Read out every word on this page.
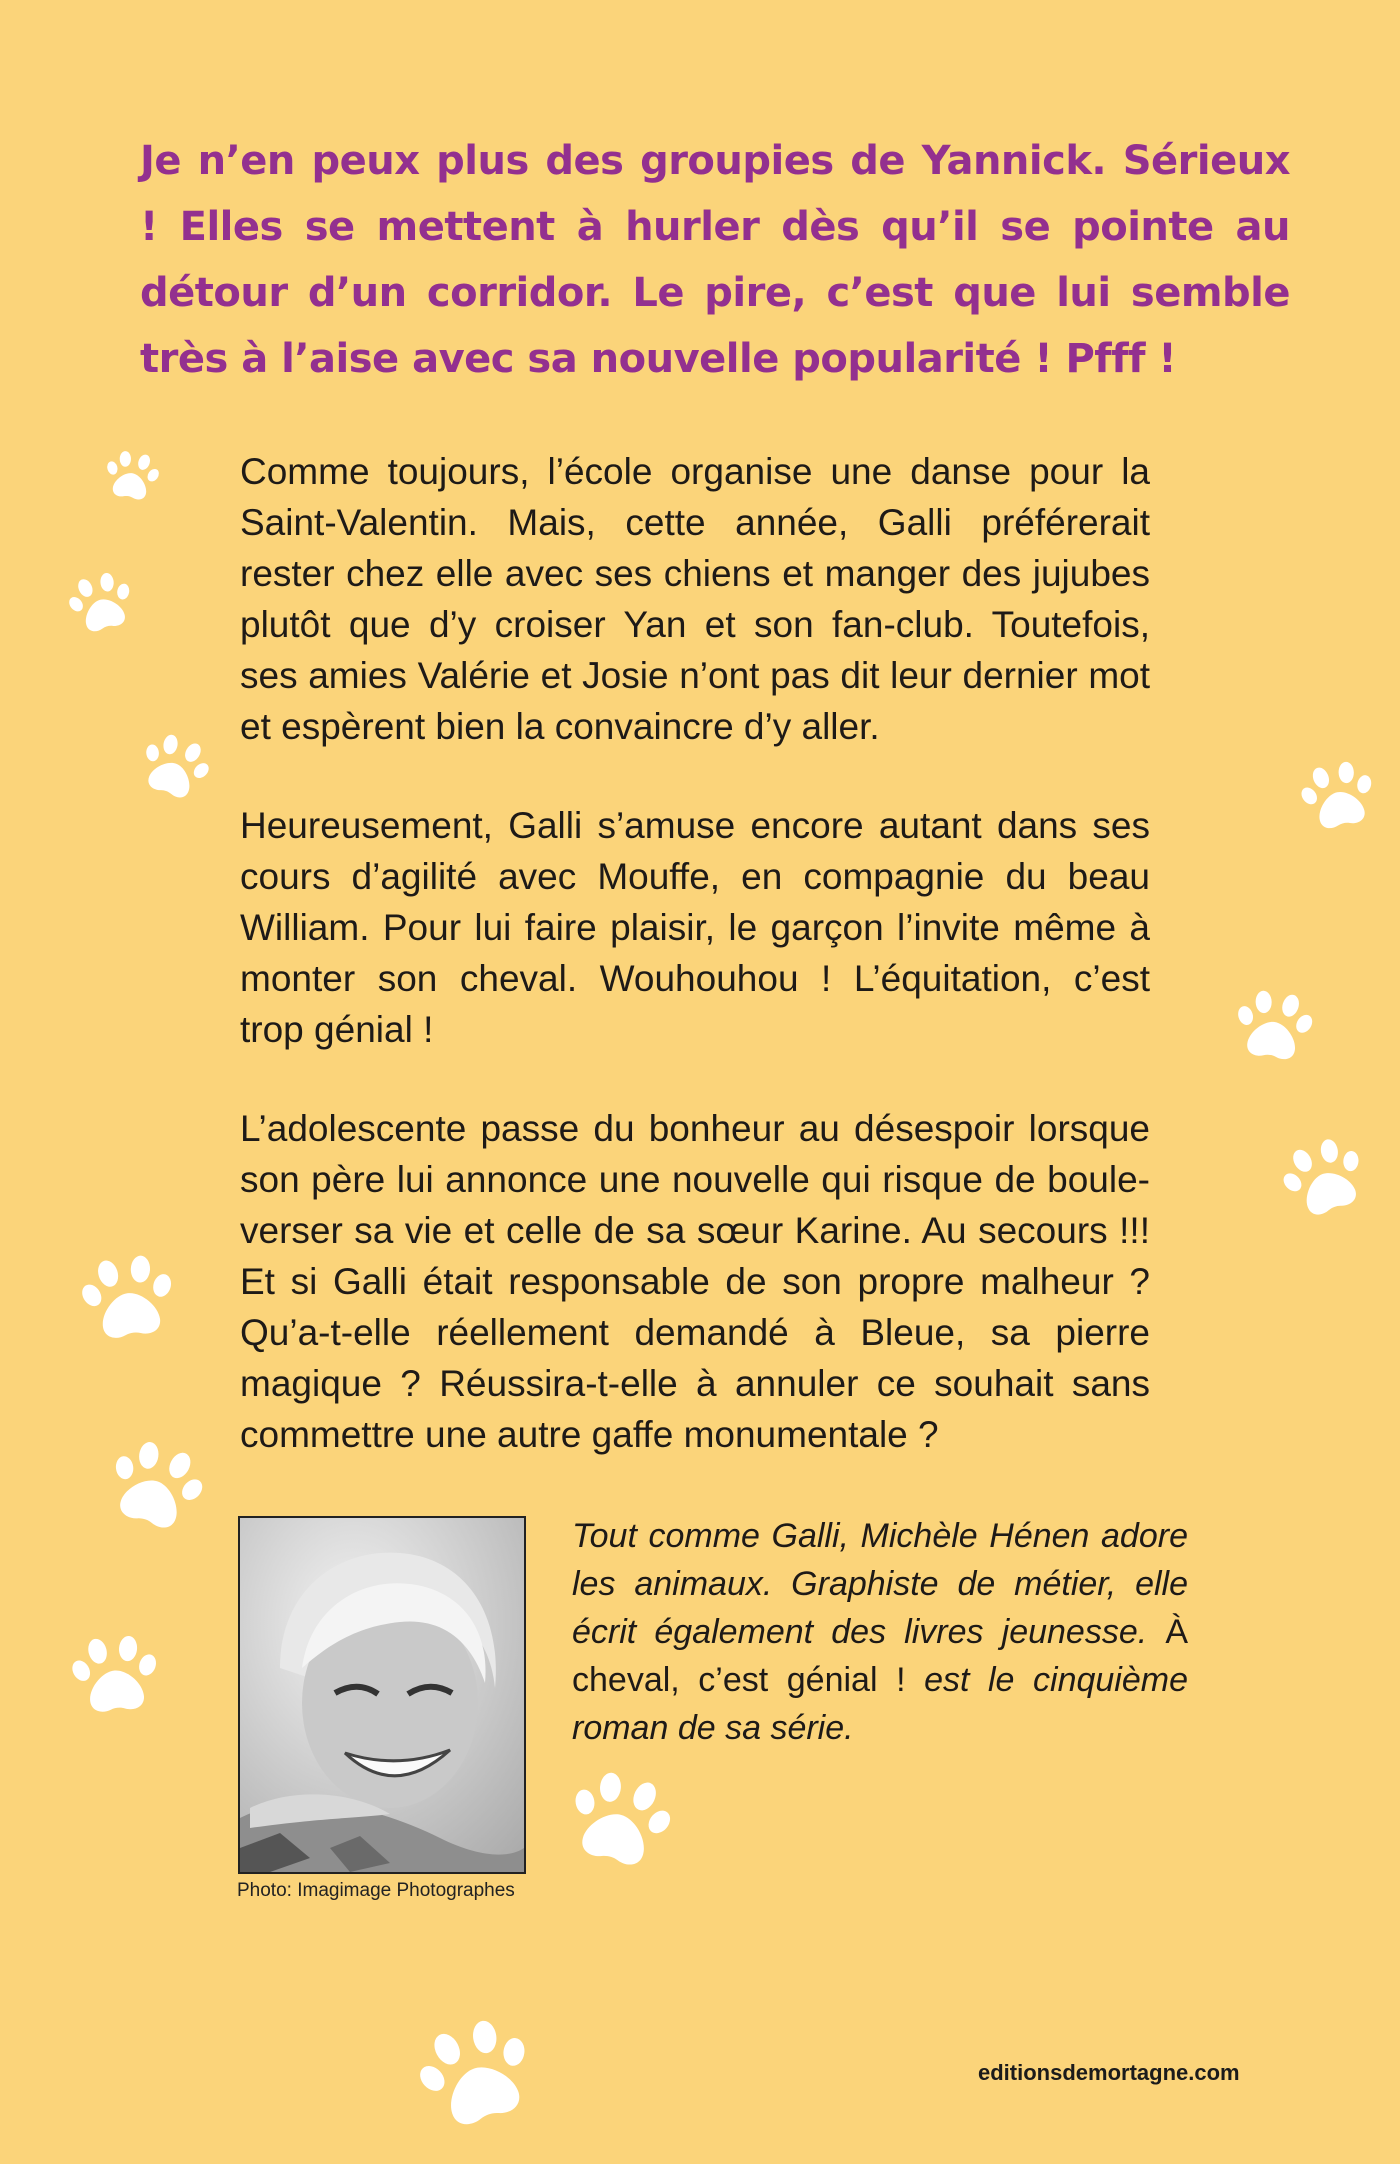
Je n’en peux plus des groupies de Yannick. Sérieux ! Elles se mettent à hurler dès qu’il se pointe au détour d’un corridor. Le pire, c’est que lui semble très à l’aise avec sa nouvelle popularité ! Pfff !

Comme toujours, l’école organise une danse pour la Saint-Valentin. Mais, cette année, Galli préférerait rester chez elle avec ses chiens et manger des jujubes plutôt que d’y croiser Yan et son fan-club. Toutefois, ses amies Valérie et Josie n’ont pas dit leur dernier mot et espèrent bien la convaincre d’y aller.

Heureusement, Galli s’amuse encore autant dans ses cours d’agilité avec Mouffe, en compagnie du beau William. Pour lui faire plaisir, le garçon l’invite même à monter son cheval. Wouhouhou ! L’équitation, c’est trop génial !

L’adolescente passe du bonheur au désespoir lorsque son père lui annonce une nouvelle qui risque de boule-verser sa vie et celle de sa sœur Karine. Au secours !!! Et si Galli était responsable de son propre malheur ? Qu’a-t-elle réellement demandé à Bleue, sa pierre magique ? Réussira-t-elle à annuler ce souhait sans commettre une autre gaffe monumentale ?

Photo: Imagimage Photographes

Tout comme Galli, Michèle Hénen adore les animaux. Graphiste de métier, elle écrit également des livres jeunesse. À cheval, c’est génial ! est le cinquième roman de sa série.

editionsdemortagne.com
